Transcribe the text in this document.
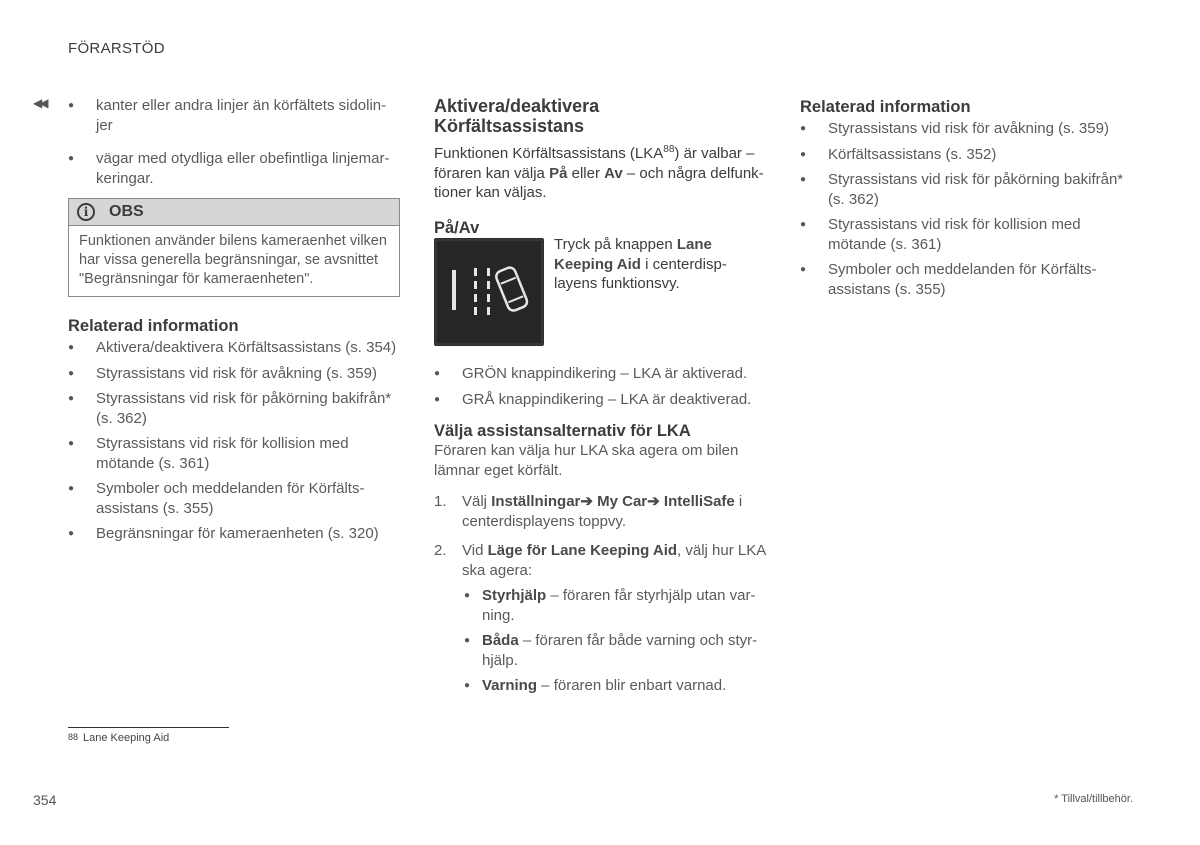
FÖRARSTÖD
◀◀
●	kanter eller andra linjer än körfältets sidolin-jer
● vägar med otydliga eller obefintliga linjemar-keringar.
i	OBS
Funktionen använder bilens kameraenhet vilken har vissa generella begränsningar, se avsnittet "Begränsningar för kameraenheten".
Relaterad information
● Aktivera/deaktivera Körfältsassistans (s. 354)
● Styrassistans vid risk för avåkning (s. 359)
● Styrassistans vid risk för påkörning bakifrån* (s. 362)
● Styrassistans vid risk för kollision med mötande (s. 361)
● Symboler och meddelanden för Körfälts-assistans (s. 355)
● Begränsningar för kameraenheten (s. 320)
Aktivera/deaktivera
Körfältsassistans
Funktionen Körfältsassistans (LKA$^{88}$) är valbar – föraren kan välja På eller Av – och några delfunk-tioner kan väljas.
På/Av
Tryck på knappen Lane Keeping Aid i centerdisp-layens funktionsvy.
● GRÖN knappindikering – LKA är aktiverad.
● GRÅ knappindikering – LKA är deaktiverad.
Välja assistansalternativ för LKA
Föraren kan välja hur LKA ska agera om bilen lämnar eget körfält.
1. Välj Inställningar➔ My Car➔ IntelliSafe i centerdisplayens toppvy.
2. Vid Läge för Lane Keeping Aid, välj hur LKA ska agera:
● Styrhjälp – föraren får styrhjälp utan var-ning.
● Båda – föraren får både varning och styr-hjälp.
● Varning – föraren blir enbart varnad.
Relaterad information
● Styrassistans vid risk för avåkning (s. 359)
● Körfältsassistans (s. 352)
● Styrassistans vid risk för påkörning bakifrån* (s. 362)
● Styrassistans vid risk för kollision med mötande (s. 361)
● Symboler och meddelanden för Körfälts-assistans (s. 355)
$^{88}$ Lane Keeping Aid
354	* Tillval/tillbehör.
